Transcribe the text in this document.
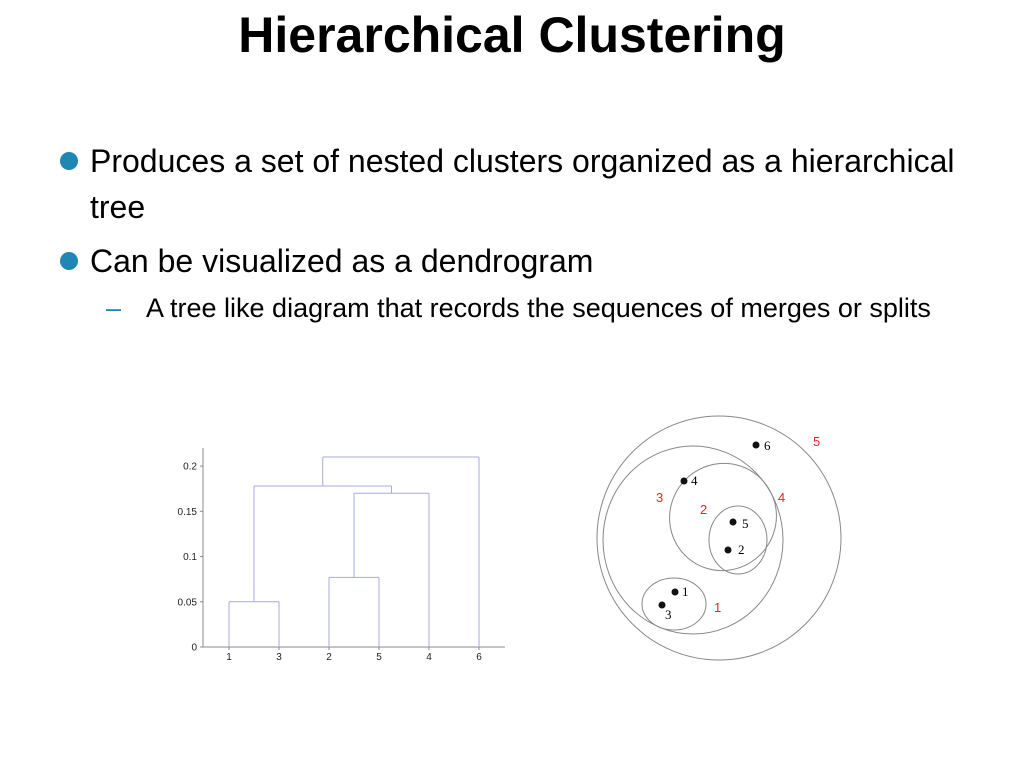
Hierarchical Clustering
Produces a set of nested clusters organized as a hierarchical tree
Can be visualized as a dendrogram
– A tree like diagram that records the sequences of merges or splits
0
0.05
0.1
0.15
0.2
1	3	2	5	4	6
6
4
5
2
1
3
5
3
2
4
1
